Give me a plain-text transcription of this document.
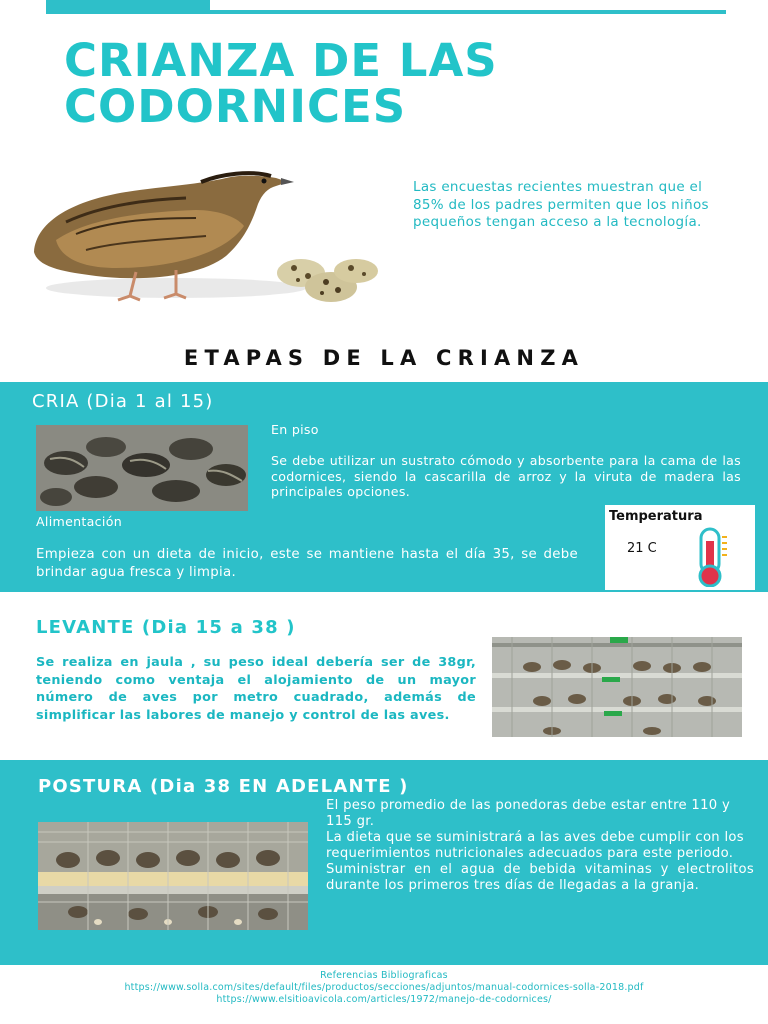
CRIANZA DE LAS
CODORNICES

Las encuestas recientes muestran que el 85% de los padres permiten que los niños pequeños tengan acceso a la tecnología.

ETAPAS DE LA CRIANZA
CRIA (Dia 1 al 15)

En piso

Se debe utilizar un sustrato cómodo y absorbente para la cama de las codornices, siendo la cascarilla de arroz y la viruta de madera las principales opciones.

Alimentación

Empieza con un dieta de inicio, este se mantiene hasta el día 35, se debe brindar agua fresca y limpia.

Temperatura
21 C
LEVANTE (Dia 15 a 38 )

Se realiza en jaula , su peso ideal debería ser de 38gr, teniendo como ventaja el alojamiento de un mayor número de aves por metro cuadrado, además de simplificar las labores de manejo y control de las aves.

POSTURA (Dia 38 EN ADELANTE )

El peso promedio de las ponedoras debe estar entre 110 y 115 gr.

La dieta que se suministrará a las aves debe cumplir con los requerimientos nutricionales adecuados para este periodo.

Suministrar en el agua de bebida vitaminas y electrolitos durante los primeros tres días de llegadas a la granja.

Referencias Bibliograficas
https://www.solla.com/sites/default/files/productos/secciones/adjuntos/manual-codornices-solla-2018.pdf
https://www.elsitioavicola.com/articles/1972/manejo-de-codornices/
